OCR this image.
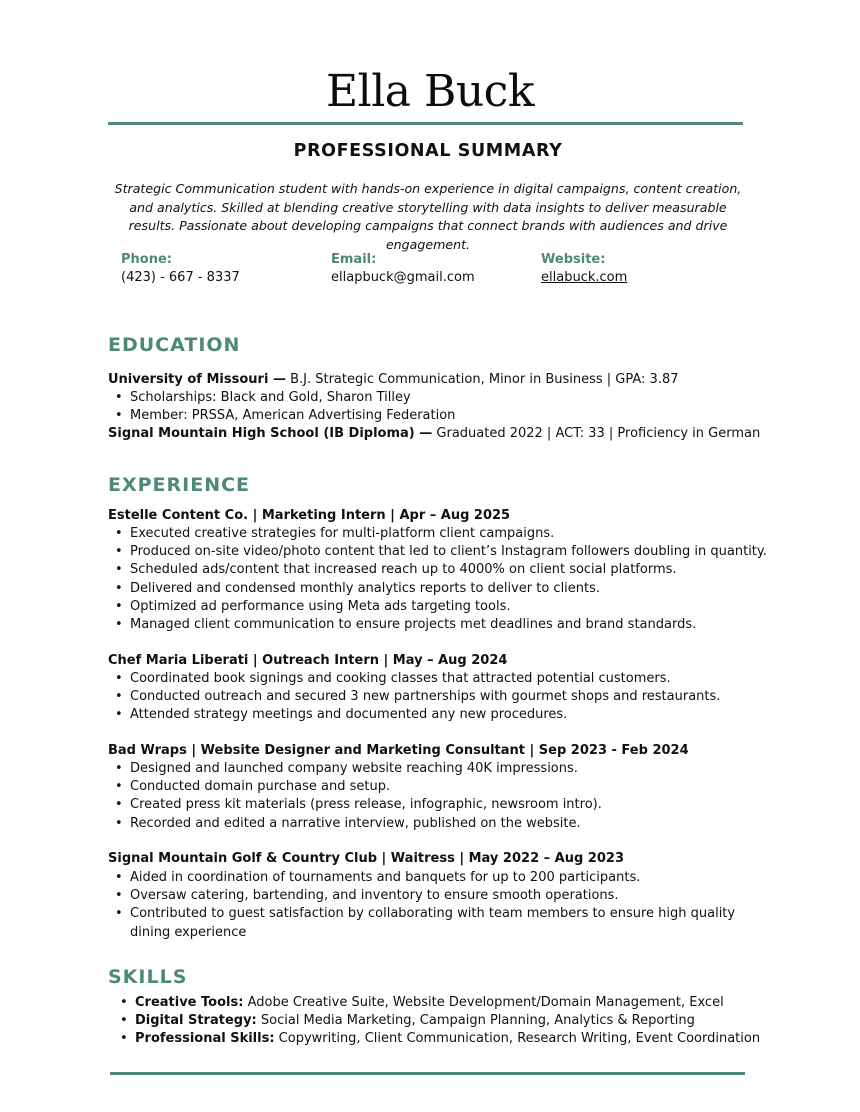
Ella Buck
PROFESSIONAL SUMMARY
Strategic Communication student with hands-on experience in digital campaigns, content creation, and analytics. Skilled at blending creative storytelling with data insights to deliver measurable results. Passionate about developing campaigns that connect brands with audiences and drive engagement.
Phone:
(423) - 667 - 8337
Email:
ellapbuck@gmail.com
Website:
ellabuck.com
EDUCATION
University of Missouri — B.J. Strategic Communication, Minor in Business | GPA: 3.87
• Scholarships: Black and Gold, Sharon Tilley
• Member: PRSSA, American Advertising Federation
Signal Mountain High School (IB Diploma) — Graduated 2022 | ACT: 33 | Proficiency in German
EXPERIENCE
Estelle Content Co. | Marketing Intern | Apr – Aug 2025
• Executed creative strategies for multi-platform client campaigns.
• Produced on-site video/photo content that led to client’s Instagram followers doubling in quantity.
• Scheduled ads/content that increased reach up to 4000% on client social platforms.
• Delivered and condensed monthly analytics reports to deliver to clients.
• Optimized ad performance using Meta ads targeting tools.
• Managed client communication to ensure projects met deadlines and brand standards.
Chef Maria Liberati | Outreach Intern | May – Aug 2024
• Coordinated book signings and cooking classes that attracted potential customers.
• Conducted outreach and secured 3 new partnerships with gourmet shops and restaurants.
• Attended strategy meetings and documented any new procedures.
Bad Wraps | Website Designer and Marketing Consultant | Sep 2023 - Feb 2024
• Designed and launched company website reaching 40K impressions.
• Conducted domain purchase and setup.
• Created press kit materials (press release, infographic, newsroom intro).
• Recorded and edited a narrative interview, published on the website.
Signal Mountain Golf & Country Club | Waitress | May 2022 – Aug 2023
• Aided in coordination of tournaments and banquets for up to 200 participants.
• Oversaw catering, bartending, and inventory to ensure smooth operations.
• Contributed to guest satisfaction by collaborating with team members to ensure high quality dining experience
SKILLS
• Creative Tools: Adobe Creative Suite, Website Development/Domain Management, Excel
• Digital Strategy: Social Media Marketing, Campaign Planning, Analytics & Reporting
• Professional Skills: Copywriting, Client Communication, Research Writing, Event Coordination
